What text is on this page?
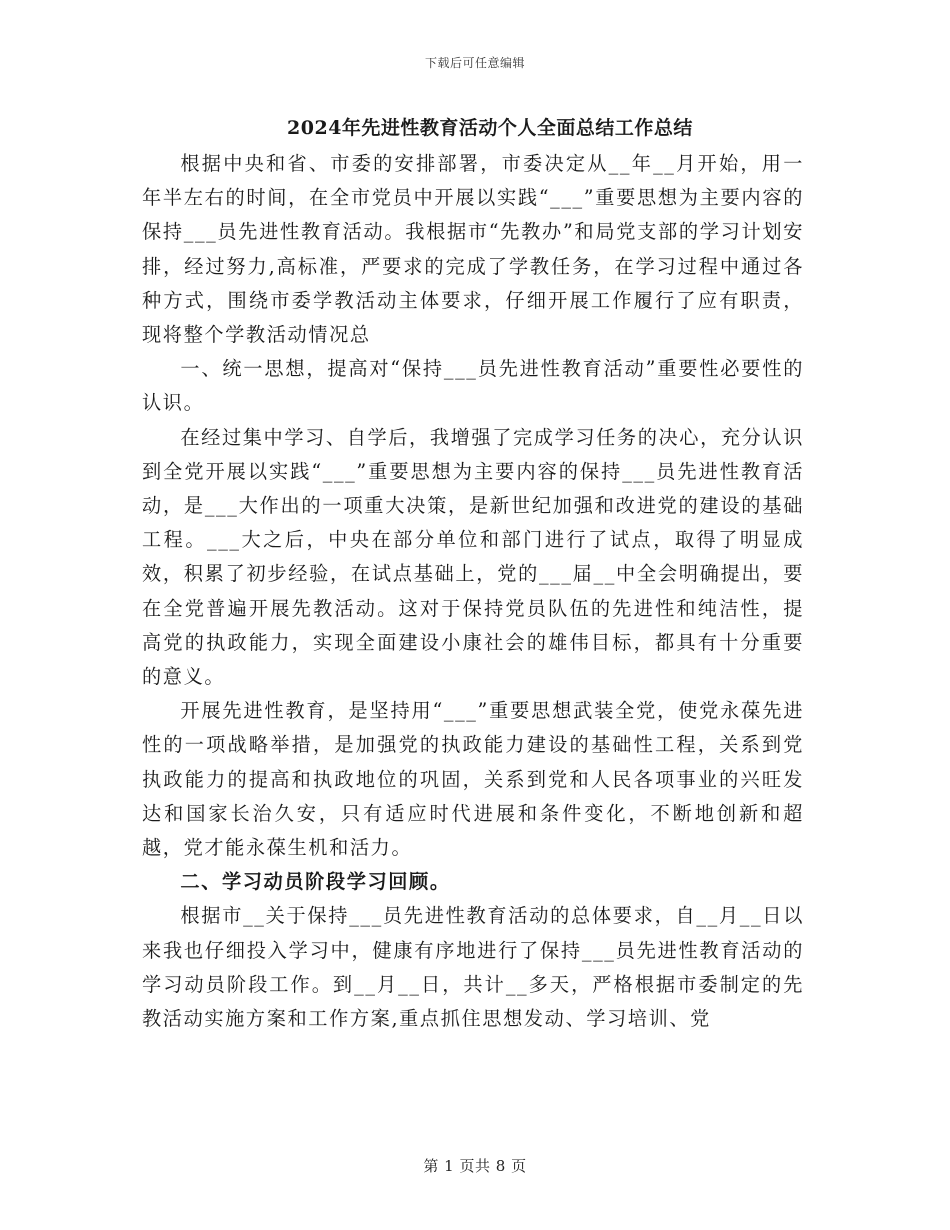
下载后可任意编辑
2024年先进性教育活动个人全面总结工作总结

根据中央和省、市委的安排部署，市委决定从__年__月开始，用一年半左右的时间，在全市党员中开展以实践“___”重要思想为主要内容的保持___员先进性教育活动。我根据市“先教办”和局党支部的学习计划安排，经过努力,高标准，严要求的完成了学教任务，在学习过程中通过各种方式，围绕市委学教活动主体要求，仔细开展工作履行了应有职责，现将整个学教活动情况总

一、统一思想，提高对“保持___员先进性教育活动”重要性必要性的认识。

在经过集中学习、自学后，我增强了完成学习任务的决心，充分认识到全党开展以实践“___”重要思想为主要内容的保持___员先进性教育活动，是___大作出的一项重大决策，是新世纪加强和改进党的建设的基础工程。___大之后，中央在部分单位和部门进行了试点，取得了明显成效，积累了初步经验，在试点基础上，党的___届__中全会明确提出，要在全党普遍开展先教活动。这对于保持党员队伍的先进性和纯洁性，提高党的执政能力，实现全面建设小康社会的雄伟目标，都具有十分重要的意义。

开展先进性教育，是坚持用“___”重要思想武装全党，使党永葆先进性的一项战略举措，是加强党的执政能力建设的基础性工程，关系到党执政能力的提高和执政地位的巩固，关系到党和人民各项事业的兴旺发达和国家长治久安，只有适应时代进展和条件变化，不断地创新和超越，党才能永葆生机和活力。

二、学习动员阶段学习回顾。

根据市__关于保持___员先进性教育活动的总体要求，自__月__日以来我也仔细投入学习中，健康有序地进行了保持___员先进性教育活动的学习动员阶段工作。到__月__日，共计__多天，严格根据市委制定的先教活动实施方案和工作方案,重点抓住思想发动、学习培训、党

第 1 页共 8 页
